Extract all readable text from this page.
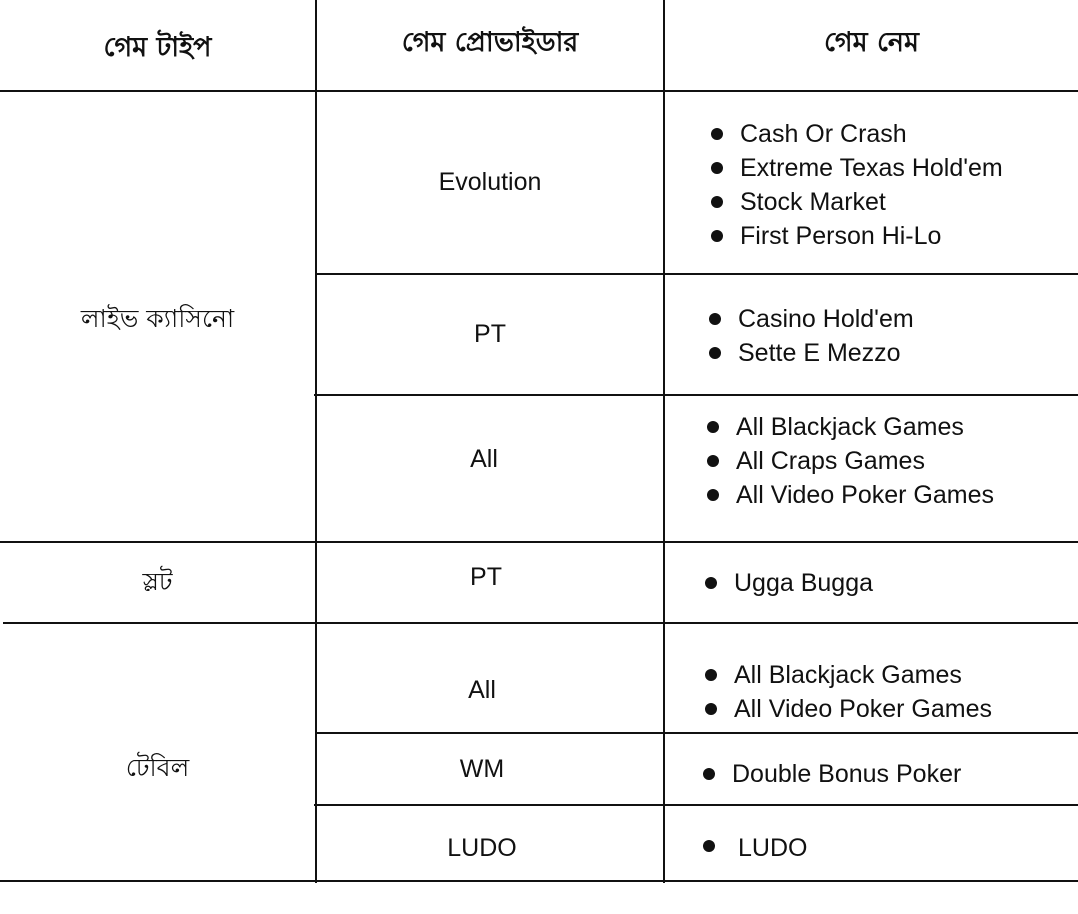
গেম টাইপ	গেম প্রোভাইডার	গেম নেম
লাইভ ক্যাসিনো
স্লট
টেবিল
Evolution
PT
All
PT
All
WM
LUDO
Cash Or Crash
Extreme Texas Hold'em
Stock Market
First Person Hi-Lo
Casino Hold'em
Sette E Mezzo
All Blackjack Games
All Craps Games
All Video Poker Games
Ugga Bugga
All Blackjack Games
All Video Poker Games
Double Bonus Poker
LUDO
